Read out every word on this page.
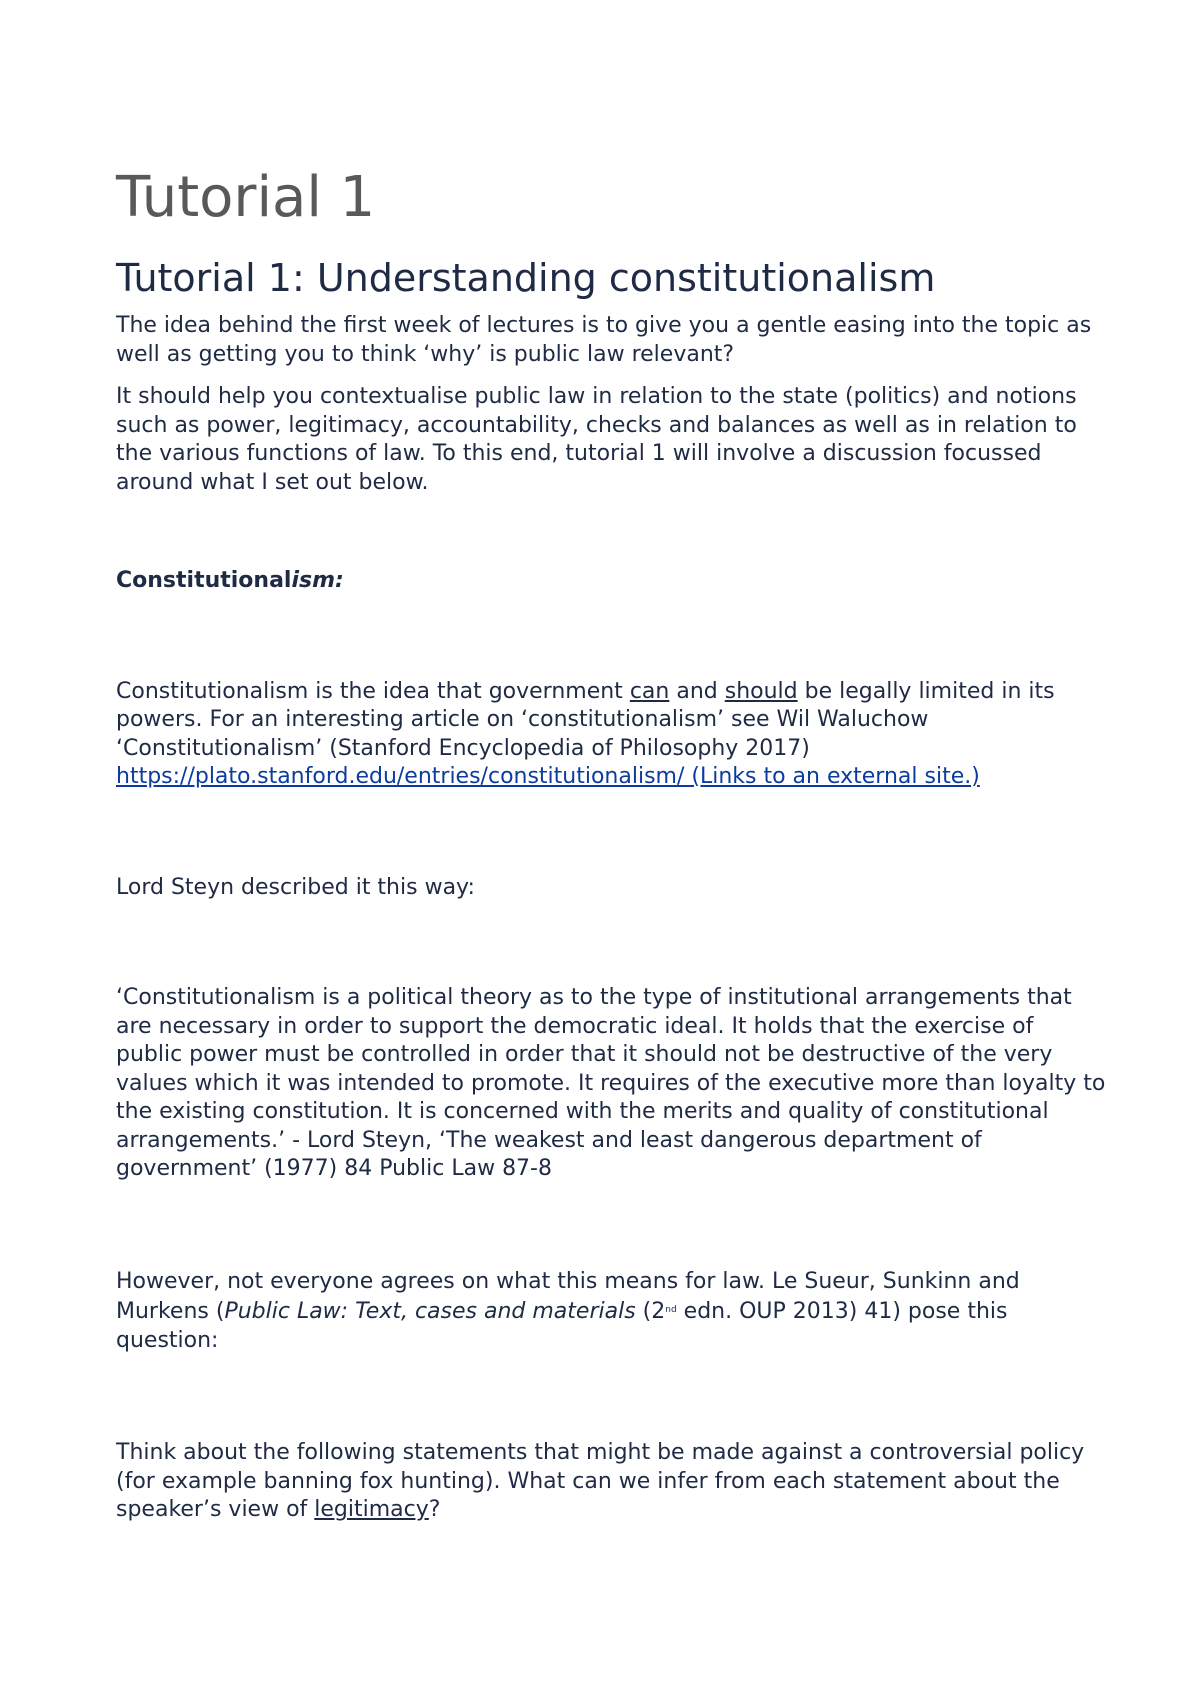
Tutorial 1
Tutorial 1: Understanding constitutionalism

The idea behind the first week of lectures is to give you a gentle easing into the topic as well as getting you to think ‘why’ is public law relevant?

It should help you contextualise public law in relation to the state (politics) and notions such as power, legitimacy, accountability, checks and balances as well as in relation to the various functions of law. To this end, tutorial 1 will involve a discussion focussed around what I set out below.

Constitutionalism:

Constitutionalism is the idea that government can and should be legally limited in its powers. For an interesting article on ‘constitutionalism’ see Wil Waluchow ‘Constitutionalism’ (Stanford Encyclopedia of Philosophy 2017) https://plato.stanford.edu/entries/constitutionalism/ (Links to an external site.)

Lord Steyn described it this way:

‘Constitutionalism is a political theory as to the type of institutional arrangements that are necessary in order to support the democratic ideal. It holds that the exercise of public power must be controlled in order that it should not be destructive of the very values which it was intended to promote. It requires of the executive more than loyalty to the existing constitution. It is concerned with the merits and quality of constitutional arrangements.’ - Lord Steyn, ‘The weakest and least dangerous department of government’ (1977) 84 Public Law 87-8

However, not everyone agrees on what this means for law. Le Sueur, Sunkinn and Murkens (Public Law: Text, cases and materials (2nd edn. OUP 2013) 41) pose this question:

Think about the following statements that might be made against a controversial policy (for example banning fox hunting). What can we infer from each statement about the speaker’s view of legitimacy?
